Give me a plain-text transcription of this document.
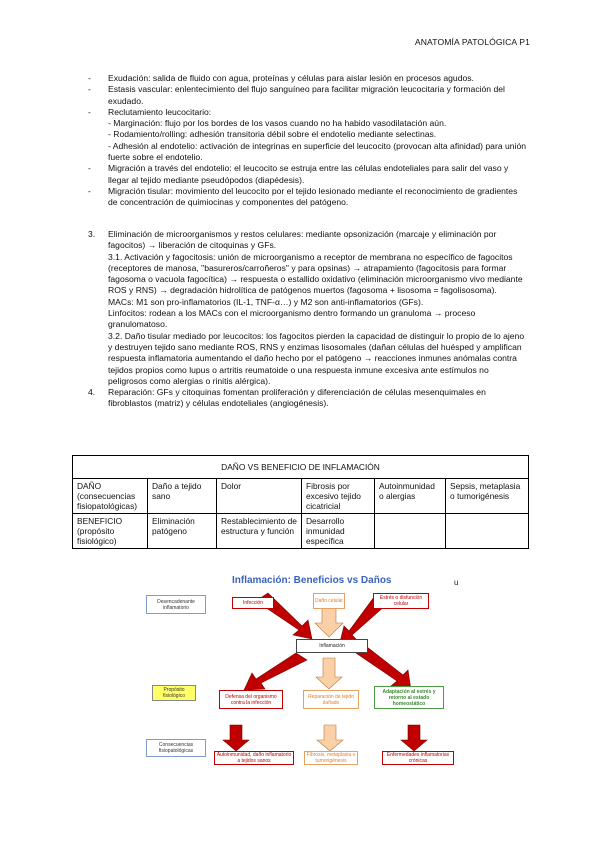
ANATOMÍA PATOLÓGICA P1
- Exudación: salida de fluido con agua, proteínas y células para aislar lesión en procesos agudos.
- Estasis vascular: enlentecimiento del flujo sanguíneo para facilitar migración leucocitaria y formación del exudado.
- Reclutamiento leucocitario:
- Marginación: flujo por los bordes de los vasos cuando no ha habido vasodilatación aún.
- Rodamiento/rolling: adhesión transitoria débil sobre el endotelio mediante selectinas.
- Adhesión al endotelio: activación de integrinas en superficie del leucocito (provocan alta afinidad) para unión fuerte sobre el endotelio.
- Migración a través del endotelio: el leucocito se estruja entre las células endoteliales para salir del vaso y llegar al tejido mediante pseudópodos (diapédesis).
- Migración tisular: movimiento del leucocito por el tejido lesionado mediante el reconocimiento de gradientes de concentración de quimiocinas y componentes del patógeno.
3. Eliminación de microorganismos y restos celulares: mediante opsonización (marcaje y eliminación por fagocitos) → liberación de citoquinas y GFs.
3.1. Activación y fagocitosis: unión de microorganismo a receptor de membrana no específico de fagocitos (receptores de manosa, "basureros/carroñeros" y para opsinas) → atrapamiento (fagocitosis para formar fagosoma o vacuola fagocítica) → respuesta o estallido oxidativo (eliminación microorganismo vivo mediante ROS y RNS) → degradación hidrolítica de patógenos muertos (fagosoma + lisosoma = fagolisosoma).
MACs: M1 son pro-inflamatorios (IL-1, TNF-α…) y M2 son anti-inflamatorios (GFs).
Linfocitos: rodean a los MACs con el microorganismo dentro formando un granuloma → proceso granulomatoso.
3.2. Daño tisular mediado por leucocitos: los fagocitos pierden la capacidad de distinguir lo propio de lo ajeno y destruyen tejido sano mediante ROS, RNS y enzimas lisosomales (dañan células del huésped y amplifican respuesta inflamatoria aumentando el daño hecho por el patógeno → reacciones inmunes anómalas contra tejidos propios como lupus o artritis reumatoide o una respuesta inmune excesiva ante estímulos no peligrosos como alergias o rinitis alérgica).
4. Reparación: GFs y citoquinas fomentan proliferación y diferenciación de células mesenquimales en fibroblastos (matriz) y células endoteliales (angiogénesis).
DAÑO VS BENEFICIO DE INFLAMACIÓN					
DAÑO (consecuencias fisiopatológicas)	Daño a tejido sano	Dolor	Fibrosis por excesivo tejido cicatricial	Autoinmunidad o alergias	Sepsis, metaplasia o tumorigénesis
BENEFICIO (propósito fisiológico)	Eliminación patógeno	Restablecimiento de estructura y función	Desarrollo inmunidad específica		
Inflamación: Beneficios vs Daños	u
Desencadenante inflamatorio
Infección	Daño celular	Estrés o disfunción celular
Inflamación
Propósito fisiológico	Defensa del organismo contra la infección
Reparación de tejido dañado
Adaptación al estrés y retorno al estado homeostático
Consecuencias fisiopatológicas
Autoinmunidad, daño inflamatorio a tejidos sanos
Fibrosis, metaplasia o tumorigénesis
Enfermedades inflamatorias crónicas
